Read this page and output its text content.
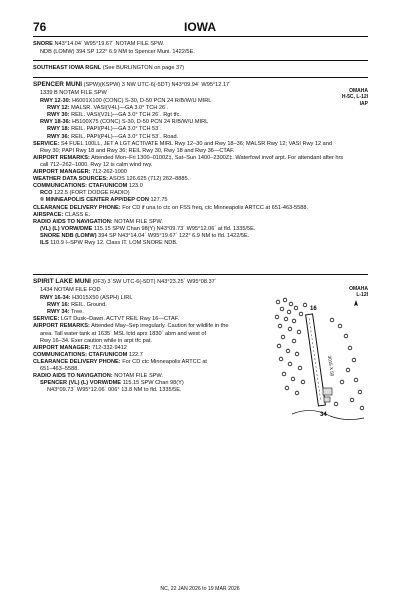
76	IOWA
SNORE N43°14.04´ W95°19.67´ NOTAM FILE SPW.
NDB (LOMW) 394 SP 122° 6.9 NM to Spencer Muni. 1422/5E.
SOUTHEAST IOWA RGNL (See BURLINGTON on page 37)
SPENCER MUNI (SPW)(KSPW) 3 NW UTC-6(-5DT) N43°09.94´ W95°12.17´
1339 B NOTAM FILE SPW	OMAHA
H-5C, L-12I
IAP
RWY 12-30: H6001X100 (CONC) S-30, D-50 PCN 24 R/B/W/U MIRL
RWY 12: MALSR. VASI(V4L)—GA 3.0° TCH 26´.
RWY 30: REIL. VASI(V2L)—GA 3.0° TCH 26´. Rgt tfc.
RWY 18-36: H5100X75 (CONC) S-30, D-50 PCN 24 R/B/W/U MIRL
RWY 18: REIL. PAPI(P4L)—GA 3.0° TCH 53´.
RWY 36: REIL. PAPI(P4L)—GA 3.0° TCH 53´. Road.
SERVICE: S4 FUEL 100LL, JET A LGT ACTIVATE MIRL Rwy 12–30 and Rwy 18–36; MALSR Rwy 12; VASI Rwy 12 and
Rwy 30; PAPI Rwy 18 and Rwy 36; REIL Rwy 30, Rwy 18 and Rwy 36—CTAF.
AIRPORT REMARKS: Attended Mon–Fri 1300–0100Z‡, Sat–Sun 1400–2300Z‡. Waterfowl invof arpt. For attendant after hrs
call 712–262–1000. Rwy 12 is calm wind rwy.
AIRPORT MANAGER: 712-262-1000
WEATHER DATA SOURCES: ASOS 126.625 (712) 262–8885.
COMMUNICATIONS: CTAF/UNICOM 123.0
RCO 122.5 (FORT DODGE RADIO)
® MINNEAPOLIS CENTER APP/DEP CON 127.75
CLEARANCE DELIVERY PHONE: For CD if una to ctc on FSS freq, ctc Minneapolis ARTCC at 651-463-5588.
AIRSPACE: CLASS E.
RADIO AIDS TO NAVIGATION: NOTAM FILE SPW.
(VL) (L) VORW/DME 115.15 SPW Chan 98(Y) N43°09.73´ W95°12.06´ at fld. 1335/5E.
SNORE NDB (LOMW) 394 SP N43°14.04´ W95°19.67´ 122° 6.9 NM to fld. 1422/5E.
ILS 110.9 I–SPW Rwy 12. Class IT. LOM SNORE NDB.
SPIRIT LAKE MUNI (0F3) 3´SW UTC-6(-5DT) N43°23.25´ W95°08.37´
1434 NOTAM FILE FOD	OMAHA
L-12I
RWY 16-34: H3015X50 (ASPH) LIRL
RWY 16: REIL. Ground.
RWY 34: Tree.
SERVICE: LGT Dusk–Dawn. ACTVT REIL Rwy 16—CTAF.
AIRPORT REMARKS: Attended May–Sep irregularly. Caution for wildlife in the
area. Tall water tank at 1635´ MSL lctd aprx 1830´ abm and west of
Rwy 16–34. Exer caution while in arpt tfc pat.
AIRPORT MANAGER: 712-332-9412
COMMUNICATIONS: CTAF/UNICOM 122.7
CLEARANCE DELIVERY PHONE: For CD ctc Minneapolis ARTCC at
651–463–5588.
RADIO AIDS TO NAVIGATION: NOTAM FILE SPW.
SPENCER (VL) (L) VORW/DME 115.15 SPW Chan 98(Y)
N43°09.73´ W95°12.06´ 006° 13.8 NM to fld. 1335/5E.
16
34
3015 X 50
NC, 22 JAN 2026 to 19 MAR 2026
